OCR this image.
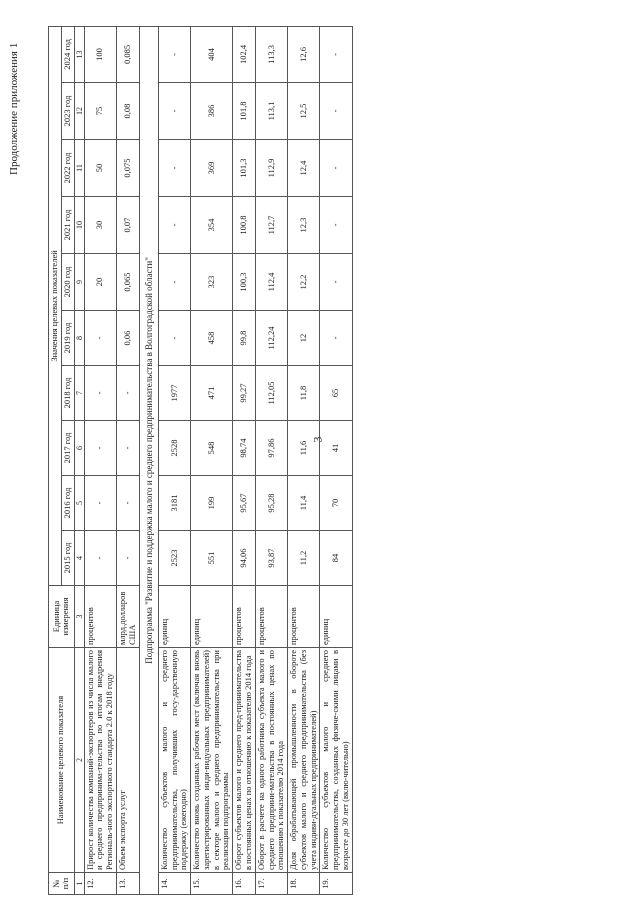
3
Продолжение приложения 1
№ п/п	Наименование целевого показателя	Единица измерения	Значения целевых показателей									
			2015 год	2016 год	2017 год	2018 год	2019 год	2020 год	2021 год	2022 год	2023 год	2024 год
1	2	3	4	5	6	7	8	9	10	11	12	13
12.	Прирост количества компаний-экспортеров из числа малого и среднего предпринима-тельства по итогам внедрения Региональ-ного экспортного стандарта 2.0 к 2018 году	процентов	-	-	-	-	-	20	30	50	75	100
13.	Объем экспорта услуг	млрд.долларов США	-	-	-	-	0,06	0,065	0,07	0,075	0,08	0,085
Подпрограмма "Развитие и поддержка малого и среднего предпринимательства в Волгоградской области"												
14.	Количество субъектов малого и среднего предпринимательства, получивших госу-дарственную поддержку (ежегодно)	единиц	2523	3181	2528	1977	-	-	-	-	-	-
15.	Количество вновь созданных рабочих мест (включая вновь зарегистрированных инди-видуальных предпринимателей) в секторе малого и среднего предпринимательства при реализации подпрограммы	единиц	551	199	548	471	458	323	354	369	386	404
16.	Оборот субъектов малого и среднего пред-принимательства в постоянных ценах по отношению к показателю 2014 года	процентов	94,06	95,67	98,74	99,27	99,8	100,3	100,8	101,3	101,8	102,4
17.	Оборот в расчете на одного работника субъекта малого и среднего предприни-мательства в постоянных ценах по отношению к показателю 2014 года	процентов	93,87	95,28	97,86	112,05	112,24	112,4	112,7	112,9	113,1	113,3
18.	Доля обрабатывающей промышленности в обороте субъектов малого и среднего предпринимательства (без учета индиви-дуальных предпринимателей)	процентов	11,2	11,4	11,6	11,8	12	12,2	12,3	12,4	12,5	12,6
19.	Количество субъектов малого и среднего предпринимательства, созданных физиче-скими лицами в возрасте до 30 лет (вклю-чительно)	единиц	84	70	41	65	-	-	-	-	-	-
